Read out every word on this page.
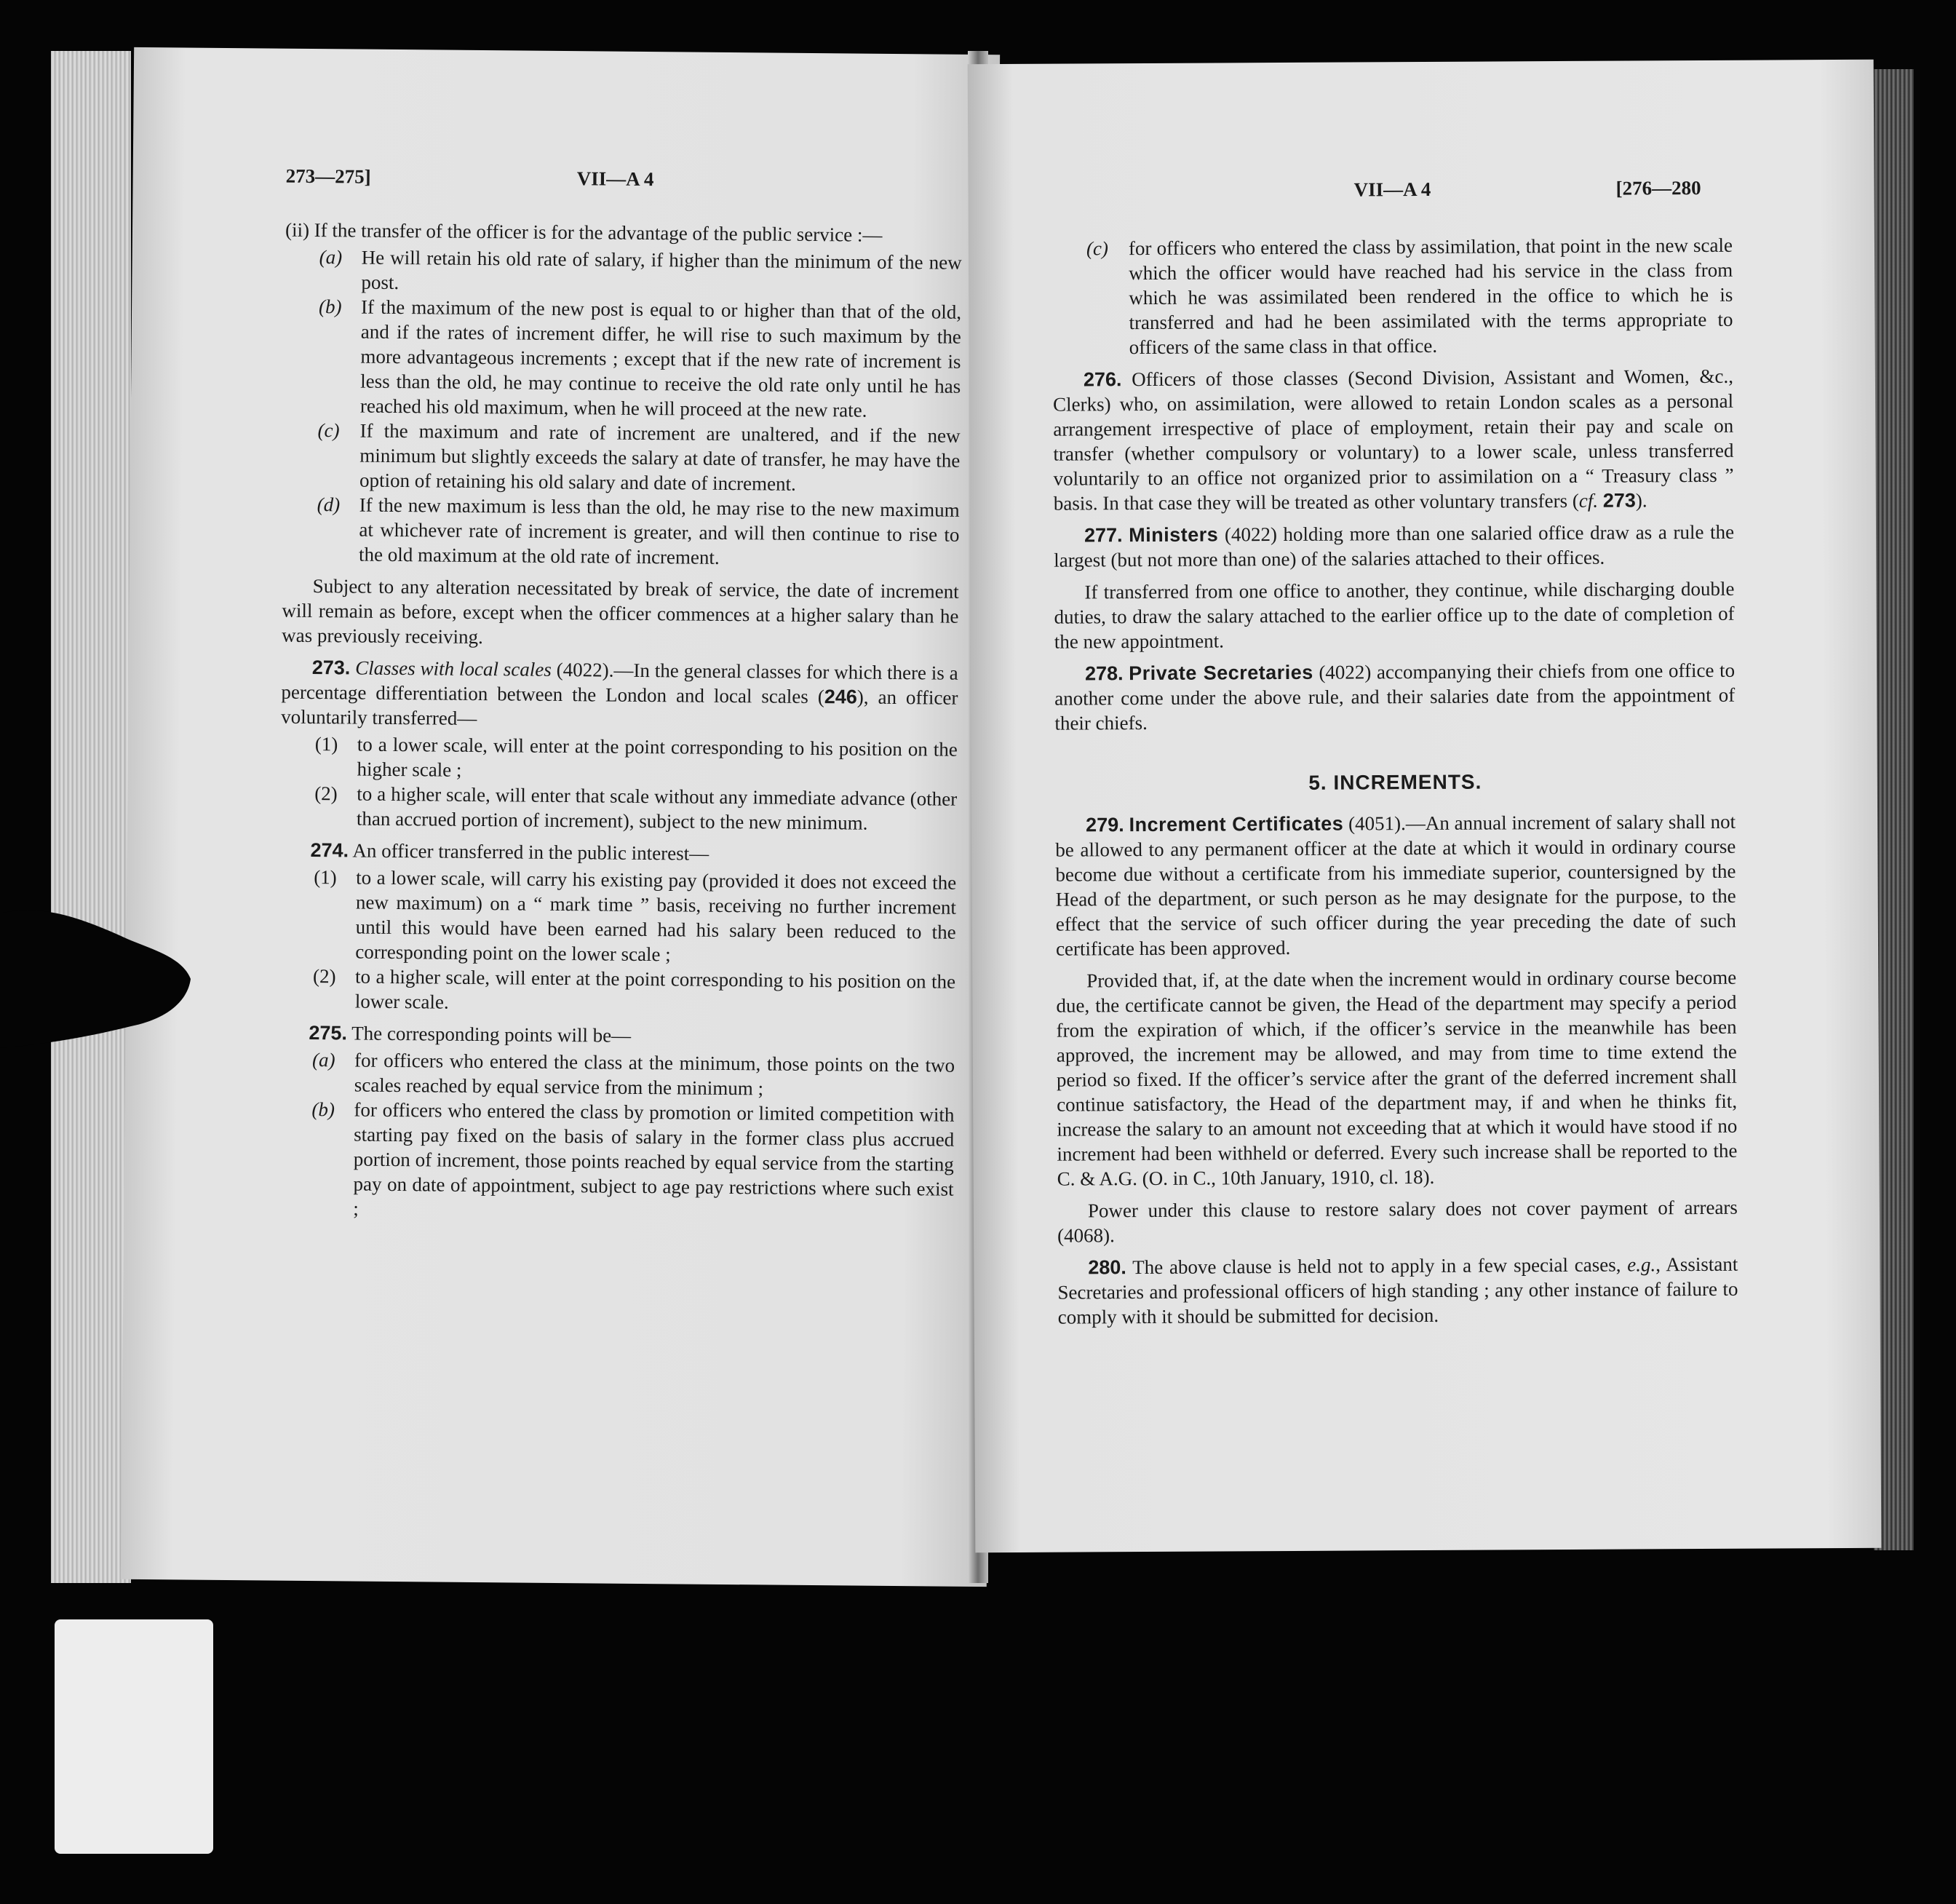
273—275]	VII—A 4

(ii) If the transfer of the officer is for the advantage of the public service :—

(a) He will retain his old rate of salary, if higher than the minimum of the new post.

(b) If the maximum of the new post is equal to or higher than that of the old, and if the rates of increment differ, he will rise to such maximum by the more advantageous increments ; except that if the new rate of increment is less than the old, he may continue to receive the old rate only until he has reached his old maximum, when he will proceed at the new rate.

(c) If the maximum and rate of increment are unaltered, and if the new minimum but slightly exceeds the salary at date of transfer, he may have the option of retaining his old salary and date of increment.

(d) If the new maximum is less than the old, he may rise to the new maximum at whichever rate of increment is greater, and will then continue to rise to the old maximum at the old rate of increment.

Subject to any alteration necessitated by break of service, the date of increment will remain as before, except when the officer commences at a higher salary than he was previously receiving.

273. Classes with local scales (4022).—In the general classes for which there is a percentage differentiation between the London and local scales (246), an officer voluntarily transferred—

(1) to a lower scale, will enter at the point corresponding to his position on the higher scale ;

(2) to a higher scale, will enter that scale without any immediate advance (other than accrued portion of increment), subject to the new minimum.

274. An officer transferred in the public interest—

(1) to a lower scale, will carry his existing pay (provided it does not exceed the new maximum) on a “ mark time ” basis, receiving no further increment until this would have been earned had his salary been reduced to the corresponding point on the lower scale ;

(2) to a higher scale, will enter at the point corresponding to his position on the lower scale.

275. The corresponding points will be—

(a) for officers who entered the class at the minimum, those points on the two scales reached by equal service from the minimum ;

(b) for officers who entered the class by promotion or limited competition with starting pay fixed on the basis of salary in the former class plus accrued portion of increment, those points reached by equal service from the starting pay on date of appointment, subject to age pay restrictions where such exist ;

VII—A 4	[276—280

(c) for officers who entered the class by assimilation, that point in the new scale which the officer would have reached had his service in the class from which he was assimilated been rendered in the office to which he is transferred and had he been assimilated with the terms appropriate to officers of the same class in that office.

276. Officers of those classes (Second Division, Assistant and Women, &c., Clerks) who, on assimilation, were allowed to retain London scales as a personal arrangement irrespective of place of employment, retain their pay and scale on transfer (whether compulsory or voluntary) to a lower scale, unless transferred voluntarily to an office not organized prior to assimilation on a “ Treasury class ” basis. In that case they will be treated as other voluntary transfers (cf. 273).

277. Ministers (4022) holding more than one salaried office draw as a rule the largest (but not more than one) of the salaries attached to their offices.

If transferred from one office to another, they continue, while discharging double duties, to draw the salary attached to the earlier office up to the date of completion of the new appointment.

278. Private Secretaries (4022) accompanying their chiefs from one office to another come under the above rule, and their salaries date from the appointment of their chiefs.

5. INCREMENTS.

279. Increment Certificates (4051).—An annual increment of salary shall not be allowed to any permanent officer at the date at which it would in ordinary course become due without a certificate from his immediate superior, countersigned by the Head of the department, or such person as he may designate for the purpose, to the effect that the service of such officer during the year preceding the date of such certificate has been approved.

Provided that, if, at the date when the increment would in ordinary course become due, the certificate cannot be given, the Head of the department may specify a period from the expiration of which, if the officer’s service in the meanwhile has been approved, the increment may be allowed, and may from time to time extend the period so fixed. If the officer’s service after the grant of the deferred increment shall continue satisfactory, the Head of the department may, if and when he thinks fit, increase the salary to an amount not exceeding that at which it would have stood if no increment had been withheld or deferred. Every such increase shall be reported to the C. & A.G. (O. in C., 10th January, 1910, cl. 18).

Power under this clause to restore salary does not cover payment of arrears (4068).

280. The above clause is held not to apply in a few special cases, e.g., Assistant Secretaries and professional officers of high standing ; any other instance of failure to comply with it should be submitted for decision.
